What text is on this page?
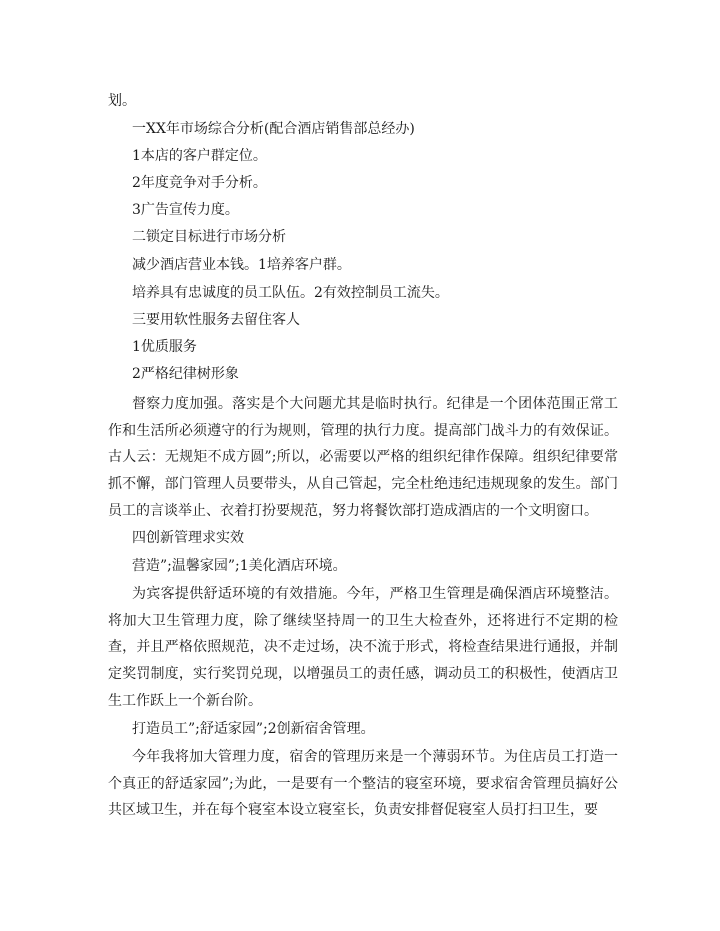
划。
一XX年市场综合分析(配合酒店销售部总经办)
1本店的客户群定位。
2年度竞争对手分析。
3广告宣传力度。
二锁定目标进行市场分析
减少酒店营业本钱。1培养客户群。
培养具有忠诚度的员工队伍。2有效控制员工流失。
三要用软性服务去留住客人
1优质服务
2严格纪律树形象
督察力度加强。落实是个大问题尤其是临时执行。纪律是一个团体范围正常工作和生活所必须遵守的行为规则，管理的执行力度。提高部门战斗力的有效保证。古人云：无规矩不成方圆”;所以，必需要以严格的组织纪律作保障。组织纪律要常抓不懈，部门管理人员要带头，从自己管起，完全杜绝违纪违规现象的发生。部门员工的言谈举止、衣着打扮要规范，努力将餐饮部打造成酒店的一个文明窗口。
四创新管理求实效
营造”;温馨家园”;1美化酒店环境。
为宾客提供舒适环境的有效措施。今年，严格卫生管理是确保酒店环境整洁。将加大卫生管理力度，除了继续坚持周一的卫生大检查外，还将进行不定期的检查，并且严格依照规范，决不走过场，决不流于形式，将检查结果进行通报，并制定奖罚制度，实行奖罚兑现，以增强员工的责任感，调动员工的积极性，使酒店卫生工作跃上一个新台阶。
打造员工”;舒适家园”;2创新宿舍管理。
今年我将加大管理力度，宿舍的管理历来是一个薄弱环节。为住店员工打造一个真正的舒适家园”;为此，一是要有一个整洁的寝室环境，要求宿舍管理员搞好公共区域卫生，并在每个寝室本设立寝室长，负责安排督促寝室人员打扫卫生，要
